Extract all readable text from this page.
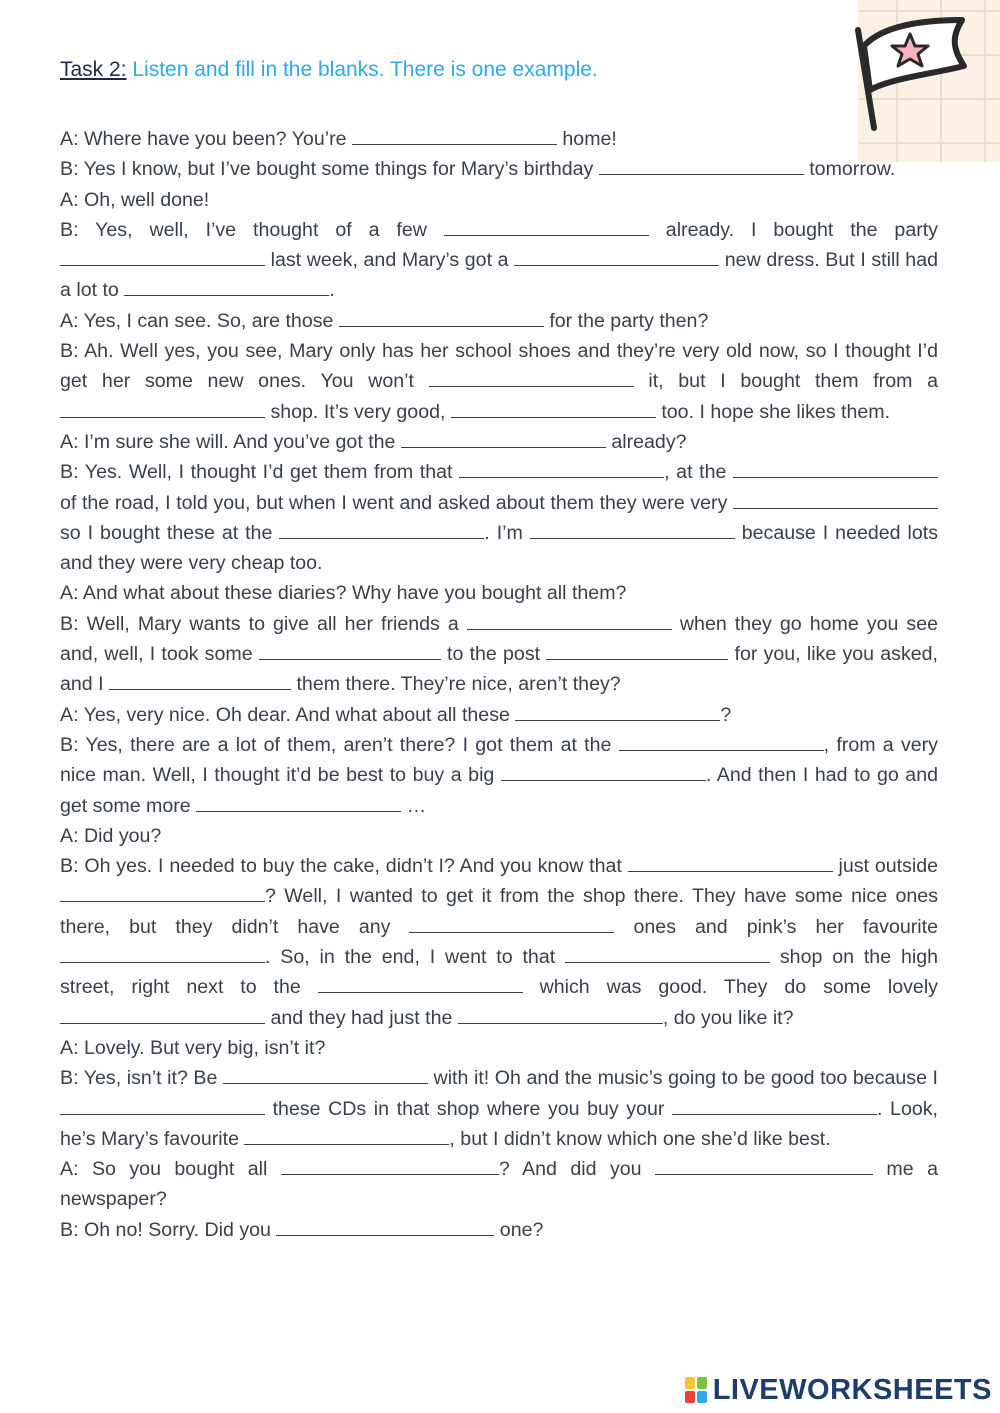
Task 2: Listen and fill in the blanks. There is one example.

A: Where have you been? You’re	home!

B: Yes I know, but I’ve bought some things for Mary’s birthday	tomorrow.

A: Oh, well done!

B: Yes, well, I’ve thought of a few	already. I bought the party  last week, and Mary’s got a	new dress. But I still had a lot to	.

A: Yes, I can see. So, are those	for the party then?

B: Ah. Well yes, you see, Mary only has her school shoes and they’re very old now, so I thought I’d get her some new ones. You won’t	it, but I bought them from a  shop. It’s very good,	too. I hope she likes them.

A: I’m sure she will. And you’ve got the	already?

B: Yes. Well, I thought I’d get them from that	, at the  of the road, I told you, but when I went and asked about them they were very  so I bought these at the	. I’m	because I needed lots and they were very cheap too.

A: And what about these diaries? Why have you bought all them?

B: Well, Mary wants to give all her friends a	when they go home you see and, well, I took some	to the post	for you, like you asked, and I	them there. They’re nice, aren’t they?

A: Yes, very nice. Oh dear. And what about all these	?

B: Yes, there are a lot of them, aren’t there? I got them at the	, from a very nice man. Well, I thought it’d be best to buy a big	. And then I had to go and get some more	…

A: Did you?

B: Oh yes. I needed to buy the cake, didn’t I? And you know that	just outside ? Well, I wanted to get it from the shop there. They have some nice ones there, but they didn’t have any	ones and pink’s her favourite . So, in the end, I went to that	shop on the high street, right next to the	which was good. They do some lovely  and they had just the	, do you like it?

A: Lovely. But very big, isn’t it?

B: Yes, isn’t it? Be	with it! Oh and the music’s going to be good too because I  these CDs in that shop where you buy your	. Look, he’s Mary’s favourite	, but I didn’t know which one she’d like best.

A: So you bought all	? And did you	me a newspaper?

B: Oh no! Sorry. Did you	one?

LIVEWORKSHEETS
